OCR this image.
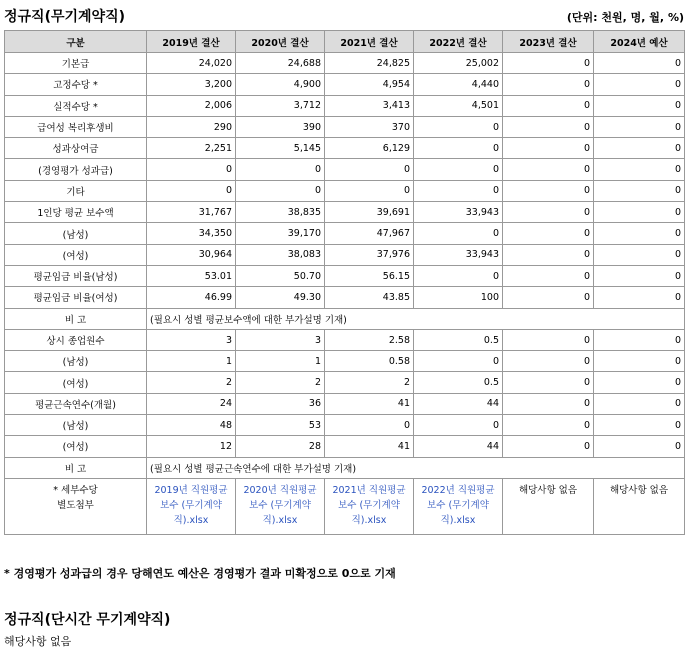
정규직(무기계약직)	(단위: 천원, 명, 월, %)
구분	2019년 결산	2020년 결산	2021년 결산	2022년 결산	2023년 결산	2024년 예산
기본급	24,020	24,688	24,825	25,002	0	0
고정수당 *	3,200	4,900	4,954	4,440	0	0
실적수당 *	2,006	3,712	3,413	4,501	0	0
급여성 복리후생비	290	390	370	0	0	0
성과상여금	2,251	5,145	6,129	0	0	0
(경영평가 성과급)	0	0	0	0	0	0
기타	0	0	0	0	0	0
1인당 평균 보수액	31,767	38,835	39,691	33,943	0	0
(남성)	34,350	39,170	47,967	0	0	0
(여성)	30,964	38,083	37,976	33,943	0	0
평균임금 비율(남성)	53.01	50.70	56.15	0	0	0
평균임금 비율(여성)	46.99	49.30	43.85	100	0	0
비 고	(필요시 성별 평균보수액에 대한 부가설명 기재)					
상시 종업원수	3	3	2.58	0.5	0	0
(남성)	1	1	0.58	0	0	0
(여성)	2	2	2	0.5	0	0
평균근속연수(개월)	24	36	41	44	0	0
(남성)	48	53	0	0	0	0
(여성)	12	28	41	44	0	0
비 고	(필요시 성별 평균근속연수에 대한 부가설명 기재)					

* 세부수당
별도첨부	2019년 직원평균 보수 (무기계약직).xlsx	2020년 직원평균 보수 (무기계약직).xlsx	2021년 직원평균 보수 (무기계약직).xlsx	2022년 직원평균 보수 (무기계약직).xlsx	해당사항 없음	해당사항 없음
* 경영평가 성과급의 경우 당해연도 예산은 경영평가 결과 미확정으로 0으로 기재
정규직(단시간 무기계약직)
해당사항 없음
